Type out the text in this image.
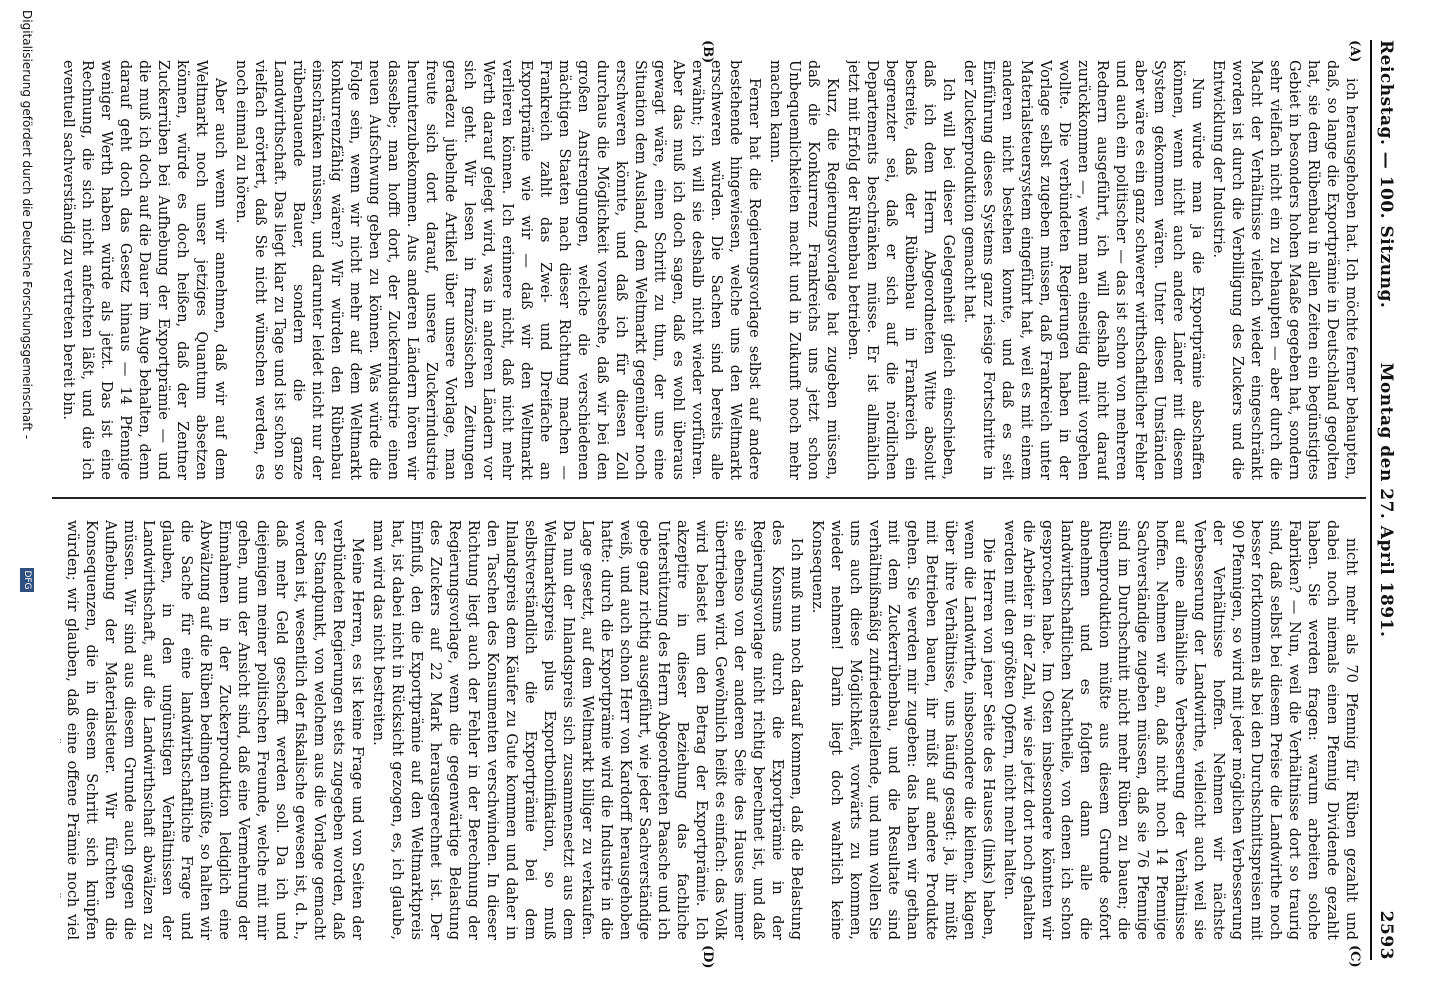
Reichstag. — 100. Sitzung.
Montag den 27. April 1891.
2593
(A)
(B)
(C)
(D)

ich herausgehoben hat. Ich möchte ferner behaupten, daß, so lange die Exportprämie in Deutschland gegolten hat, sie dem Rübenbau in allen Zeiten ein begünstigtes Gebiet in besonders hohen Maaße gegeben hat, sondern sehr vielfach nicht ein zu behaupten — aber durch die Macht der Verhältnisse vielfach wieder eingeschränkt worden ist durch die Verbilligung des Zuckers und die Entwicklung der Industrie.

Nun würde man ja die Exportprämie abschaffen können, wenn nicht auch andere Länder mit diesem System gekommen wären. Unter diesen Umständen aber wäre es ein ganz schwerer wirthschaftlicher Fehler und auch ein politischer — das ist schon von mehreren Rednern ausgeführt, ich will deshalb nicht darauf zurückkommen —, wenn man einseitig damit vorgehen wollte. Die verbündeten Regierungen haben in der Vorlage selbst zugeben müssen, daß Frankreich unter Materialsteuersystem eingeführt hat, weil es mit einem anderen nicht bestehen konnte, und daß es seit Einführung dieses Systems ganz riesige Fortschritte in der Zuckerproduktion gemacht hat.

Ich will bei dieser Gelegenheit gleich einschieben, daß ich dem Herrn Abgeordneten Witte absolut bestreite, daß der Rübenbau in Frankreich ein begrenzter sei, daß er sich auf die nördlichen Departements beschränken müsse. Er ist allmählich jetzt mit Erfolg der Rübenbau betrieben.

Kurz, die Regierungsvorlage hat zugeben müssen, daß die Konkurrenz Frankreichs uns jetzt schon Unbequemlichkeiten macht und in Zukunft noch mehr machen kann.

Ferner hat die Regierungsvorlage selbst auf andere bestehende hingewiesen, welche uns den Weltmarkt erschweren würden. Die Sachen sind bereits alle erwähnt; ich will sie deshalb nicht wieder vorführen. Aber das muß ich doch sagen, daß es wohl überaus gewagt wäre, einen Schritt zu thun, der uns eine Situation dem Ausland, dem Weltmarkt gegenüber noch erschweren könnte, und daß ich für diesen Zoll durchaus die Möglichkeit voraussehe, daß wir bei den großen Anstrengungen, welche die verschiedenen mächtigen Staaten nach dieser Richtung machen — Frankreich zahlt das Zwei- und Dreifache an Exportprämie wie wir — daß wir den Weltmarkt verlieren können. Ich erinnere nicht, daß nicht mehr Werth darauf gelegt wird, was in anderen Ländern vor sich geht. Wir lesen in französischen Zeitungen geradezu jubelnde Artikel über unsere Vorlage, man freute sich dort darauf, unsere Zuckerindustrie herunterzubekommen. Aus anderen Ländern hören wir dasselbe; man hofft dort, der Zuckerindustrie einen neuen Aufschwung geben zu können. Was würde die Folge sein, wenn wir nicht mehr auf dem Weltmarkt konkurrenzfähig wären? Wir würden den Rübenbau einschränken müssen, und darunter leidet nicht nur der rübenbauende Bauer, sondern die ganze Landwirthschaft. Das liegt klar zu Tage und ist schon so vielfach erörtert, daß Sie nicht wünschen werden, es noch einmal zu hören.

Aber auch wenn wir annehmen, daß wir auf dem Weltmarkt noch unser jetziges Quantum absetzen können, würde es doch heißen, daß der Zentner Zuckerrüben bei Aufhebung der Exportprämie — und die muß ich doch auf die Dauer im Auge behalten, denn darauf geht doch das Gesetz hinaus — 14 Pfennige weniger Werth haben würde als jetzt. Das ist eine Rechnung, die sich nicht anfechten läßt, und die ich eventuell sachverständig zu vertreten bereit bin.

nicht mehr als 70 Pfennig für Rüben gezahlt und dabei noch niemals einen Pfennig Dividende gezahlt haben. Sie werden fragen: warum arbeiten solche Fabriken? — Nun, weil die Verhältnisse dort so traurig sind, daß selbst bei diesem Preise die Landwirthe noch besser fortkommen als bei den Durchschnittspreisen mit 90 Pfennigen, so wird mit jeder möglichen Verbesserung der Verhältnisse hoffen. Nehmen wir nächste Verbesserung der Landwirthe, vielleicht auch weil sie auf eine allmähliche Verbesserung der Verhältnisse hoffen. Nehmen wir an, daß nicht noch 14 Pfennige Sachverständige zugeben müssen, daß sie 76 Pfennige sind im Durchschnitt nicht mehr Rüben zu bauen; die Rübenproduktion müßte aus diesem Grunde sofort abnehmen und es folgten dann alle die landwirthschaftlichen Nachtheile, von denen ich schon gesprochen habe. Im Osten insbesondere könnten wir die Arbeiter in der Zahl, wie sie jetzt dort noch gehalten werden mit den größten Opfern, nicht mehr halten.

Die Herren von jener Seite des Hauses (links) haben, wenn die Landwirthe, insbesondere die kleinen, klagen über ihre Verhältnisse, uns häufig gesagt: ja, ihr müßt mit Betrieben bauen, ihr müßt auf andere Produkte gehen. Sie werden mir zugeben: das haben wir gethan mit dem Zuckerrübenbau, und die Resultate sind verhältnißmäßig zufriedenstellende, und nun wollen Sie uns auch diese Möglichkeit, vorwärts zu kommen, wieder nehmen! Darin liegt doch wahrlich keine Konsequenz.

Ich muß nun noch darauf kommen, daß die Belastung des Konsums durch die Exportprämie in der Regierungsvorlage nicht richtig berechnet ist, und daß sie ebenso von der anderen Seite des Hauses immer übertrieben wird. Gewöhnlich heißt es einfach: das Volk wird belastet um den Betrag der Exportprämie. Ich akzeptire in dieser Beziehung das fachliche Unterstützung des Herrn Abgeordneten Paasche und ich gebe ganz richtig ausgeführt, wie jeder Sachverständige weiß, und auch schon Herr von Kardorff herausgehoben hatte: durch die Exportprämie wird die Industrie in die Lage gesetzt, auf dem Weltmarkt billiger zu verkaufen. Da nun der Inlandspreis sich zusammensetzt aus dem Weltmarktspreis plus Exportbonifikation, so muß selbstverständlich die Exportprämie bei dem Inlandspreis dem Käufer zu Gute kommen und daher in den Taschen des Konsumenten verschwinden. In dieser Richtung liegt auch der Fehler in der Berechnung der Regierungsvorlage, wenn die gegenwärtige Belastung des Zuckers auf 22 Mark herausgerechnet ist. Der Einfluß, den die Exportprämie auf den Weltmarktpreis hat, ist dabei nicht in Rücksicht gezogen, es, ich glaube, man wird das nicht bestreiten.

Meine Herren, es ist keine Frage und von Seiten der verbündeten Regierungen stets zugegeben worden, daß der Standpunkt, von welchem aus die Vorlage gemacht worden ist, wesentlich der fiskalische gewesen ist, d. h., daß mehr Geld geschafft werden soll. Da ich und diejenigen meiner politischen Freunde, welche mit mir gehen, nun der Ansicht sind, daß eine Vermehrung der Einnahmen in der Zuckerproduktion lediglich eine Abwälzung auf die Rüben bedingen müßte, so halten wir die Sache für eine landwirthschaftliche Frage und glauben, in den ungünstigen Verhältnissen der Landwirthschaft, auf die Landwirthschaft abwälzen zu müssen. Wir sind aus diesem Grunde auch gegen die Aufhebung der Materialsteuer. Wir fürchten die Konsequenzen, die in diesem Schritt sich knüpfen würden; wir glauben, daß eine offene Prämie noch viel

Digitalisierung gefördert durch die Deutsche Forschungsgemeinschaft -
DFG
